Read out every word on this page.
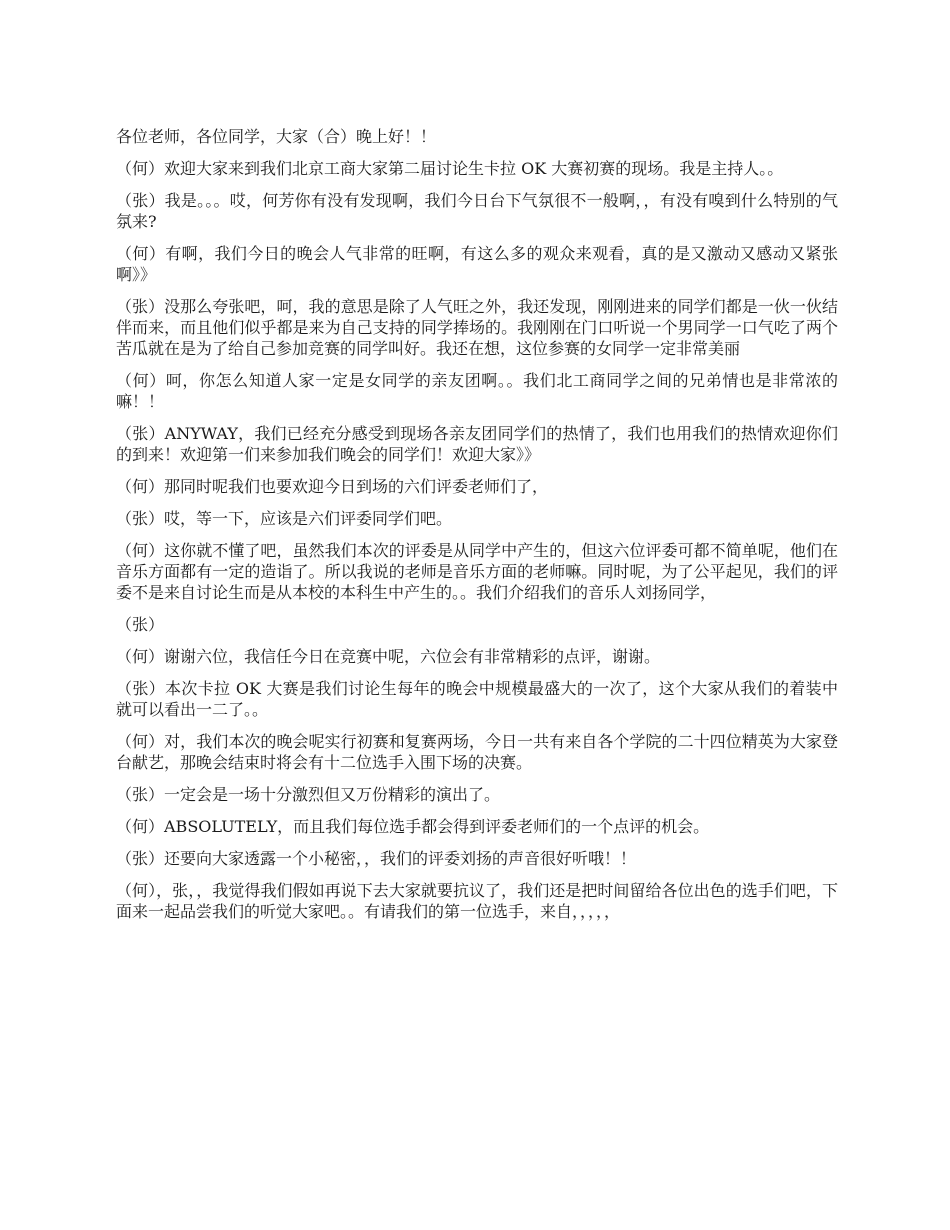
各位老师，各位同学，大家（合）晚上好！！

（何）欢迎大家来到我们北京工商大家第二届讨论生卡拉 OK 大赛初赛的现场。我是主持人。。

（张）我是。。。哎，何芳你有没有发现啊，我们今日台下气氛很不一般啊，，有没有嗅到什么特别的气氛来?

（何）有啊，我们今日的晚会人气非常的旺啊，有这么多的观众来观看，真的是又激动又感动又紧张啊》》

（张）没那么夸张吧，呵，我的意思是除了人气旺之外，我还发现，刚刚进来的同学们都是一伙一伙结伴而来，而且他们似乎都是来为自己支持的同学捧场的。我刚刚在门口听说一个男同学一口气吃了两个苦瓜就在是为了给自己参加竞赛的同学叫好。我还在想，这位参赛的女同学一定非常美丽

（何）呵，你怎么知道人家一定是女同学的亲友团啊。。我们北工商同学之间的兄弟情也是非常浓的嘛！！

（张）ANYWAY，我们已经充分感受到现场各亲友团同学们的热情了，我们也用我们的热情欢迎你们的到来！欢迎第一们来参加我们晚会的同学们！欢迎大家》》

（何）那同时呢我们也要欢迎今日到场的六们评委老师们了，

（张）哎，等一下，应该是六们评委同学们吧。

（何）这你就不懂了吧，虽然我们本次的评委是从同学中产生的，但这六位评委可都不简单呢，他们在音乐方面都有一定的造诣了。所以我说的老师是音乐方面的老师嘛。同时呢，为了公平起见，我们的评委不是来自讨论生而是从本校的本科生中产生的。。我们介绍我们的音乐人刘扬同学，

（张）

（何）谢谢六位，我信任今日在竞赛中呢，六位会有非常精彩的点评，谢谢。

（张）本次卡拉 OK 大赛是我们讨论生每年的晚会中规模最盛大的一次了，这个大家从我们的着装中就可以看出一二了。。

（何）对，我们本次的晚会呢实行初赛和复赛两场，今日一共有来自各个学院的二十四位精英为大家登台献艺，那晚会结束时将会有十二位选手入围下场的决赛。

（张）一定会是一场十分激烈但又万份精彩的演出了。

（何）ABSOLUTELY，而且我们每位选手都会得到评委老师们的一个点评的机会。

（张）还要向大家透露一个小秘密，，我们的评委刘扬的声音很好听哦！！

（何），张，，我觉得我们假如再说下去大家就要抗议了，我们还是把时间留给各位出色的选手们吧，下面来一起品尝我们的听觉大家吧。。有请我们的第一位选手，来自，，，，，
